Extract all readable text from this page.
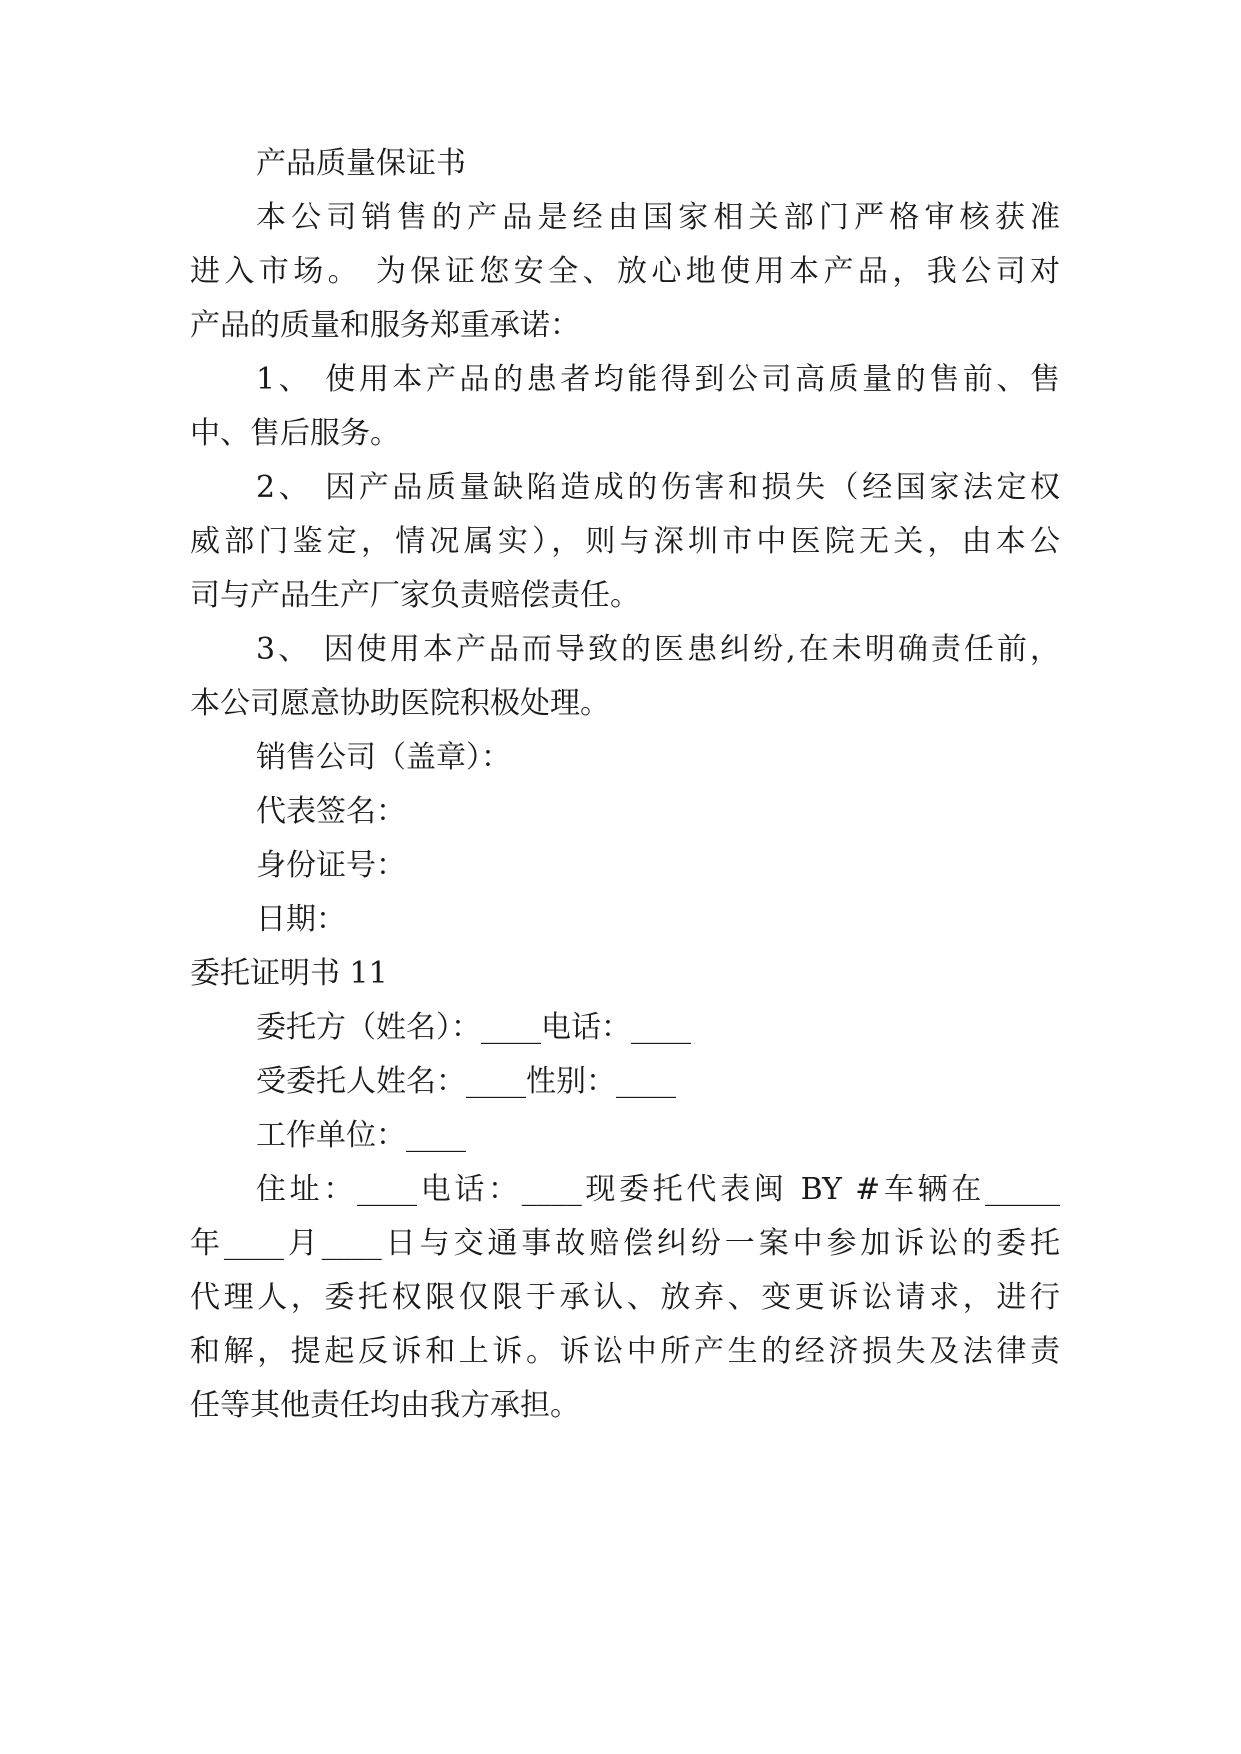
产品质量保证书
本公司销售的产品是经由国家相关部门严格审核获准
进入市场。 为保证您安全、放心地使用本产品，我公司对
产品的质量和服务郑重承诺：
1、 使用本产品的患者均能得到公司高质量的售前、售
中、售后服务。
2、 因产品质量缺陷造成的伤害和损失（经国家法定权
威部门鉴定，情况属实），则与深圳市中医院无关，由本公
司与产品生产厂家负责赔偿责任。
3、 因使用本产品而导致的医患纠纷,在未明确责任前，
本公司愿意协助医院积极处理。
销售公司（盖章）：
代表签名：
身份证号：
日期：
委托证明书 11
委托方（姓名）：____电话：____
受委托人姓名：____性别：____
工作单位：____
住址：____电话：____现委托代表闽 BY #车辆在_____
年____月____日与交通事故赔偿纠纷一案中参加诉讼的委托
代理人，委托权限仅限于承认、放弃、变更诉讼请求，进行
和解，提起反诉和上诉。诉讼中所产生的经济损失及法律责
任等其他责任均由我方承担。
